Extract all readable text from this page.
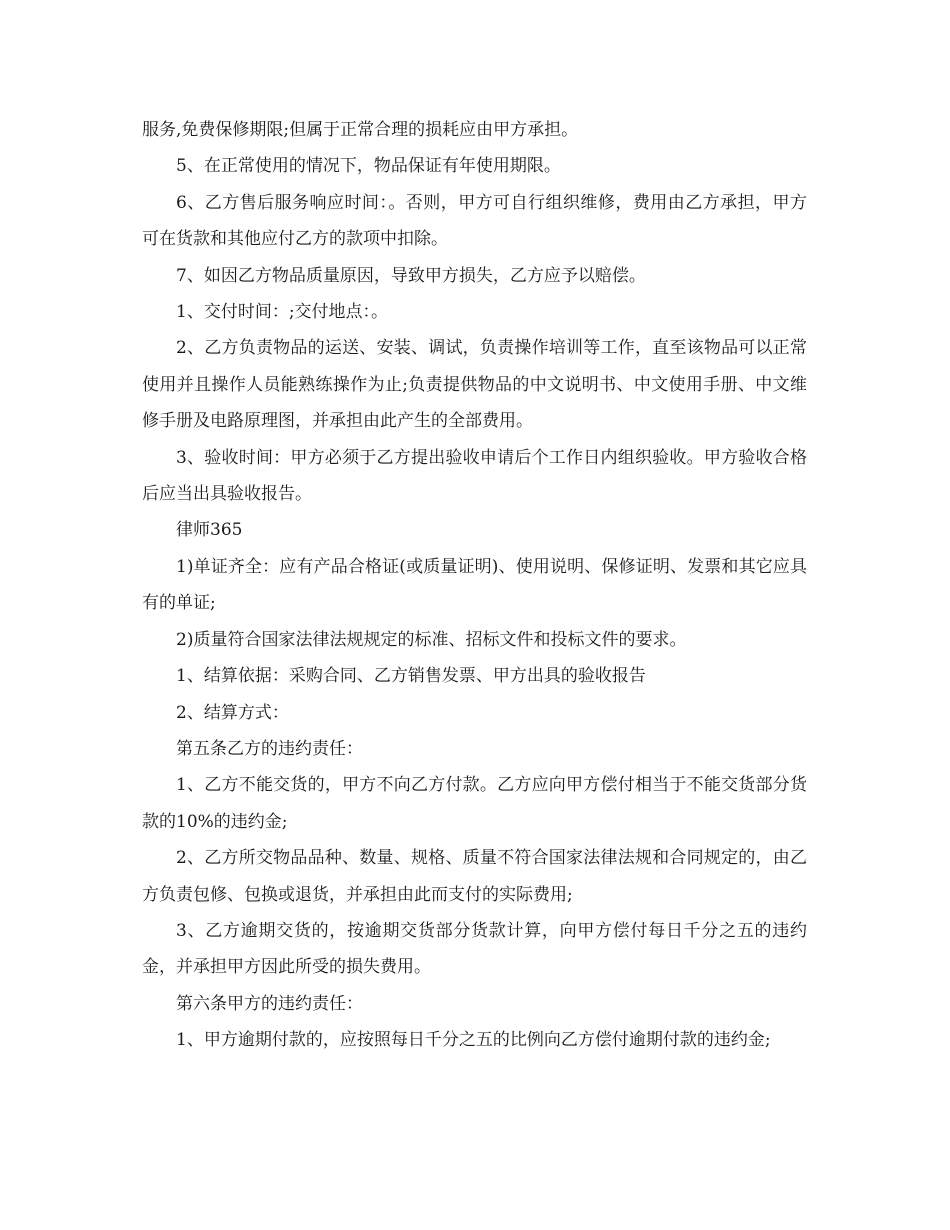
服务,免费保修期限;但属于正常合理的损耗应由甲方承担。

5、在正常使用的情况下，物品保证有年使用期限。

6、乙方售后服务响应时间：。否则，甲方可自行组织维修，费用由乙方承担，甲方可在货款和其他应付乙方的款项中扣除。

7、如因乙方物品质量原因，导致甲方损失，乙方应予以赔偿。

1、交付时间：;交付地点：。

2、乙方负责物品的运送、安装、调试，负责操作培训等工作，直至该物品可以正常使用并且操作人员能熟练操作为止;负责提供物品的中文说明书、中文使用手册、中文维修手册及电路原理图，并承担由此产生的全部费用。

3、验收时间：甲方必须于乙方提出验收申请后个工作日内组织验收。甲方验收合格后应当出具验收报告。

律师365

1)单证齐全：应有产品合格证(或质量证明)、使用说明、保修证明、发票和其它应具有的单证;

2)质量符合国家法律法规规定的标准、招标文件和投标文件的要求。

1、结算依据：采购合同、乙方销售发票、甲方出具的验收报告

2、结算方式：

第五条乙方的违约责任：

1、乙方不能交货的，甲方不向乙方付款。乙方应向甲方偿付相当于不能交货部分货款的10%的违约金;

2、乙方所交物品品种、数量、规格、质量不符合国家法律法规和合同规定的，由乙方负责包修、包换或退货，并承担由此而支付的实际费用;

3、乙方逾期交货的，按逾期交货部分货款计算，向甲方偿付每日千分之五的违约金，并承担甲方因此所受的损失费用。

第六条甲方的违约责任：

1、甲方逾期付款的，应按照每日千分之五的比例向乙方偿付逾期付款的违约金;
